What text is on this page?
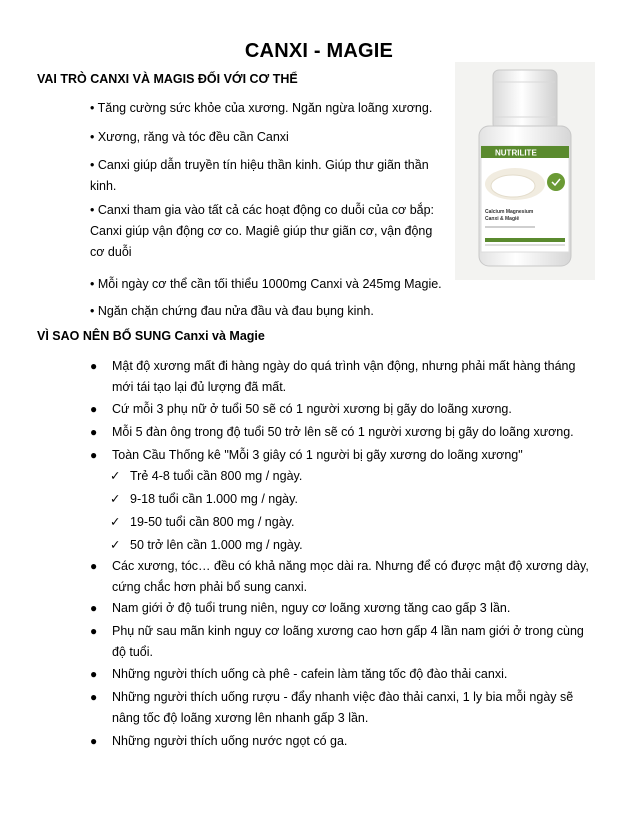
CANXI - MAGIE
VAI TRÒ CANXI VÀ MAGIS ĐỐI VỚI CƠ THỂ
• Tăng cường sức khỏe của xương. Ngăn ngừa loãng xương.
• Xương, răng và tóc đều cần Canxi
• Canxi giúp dẫn truyền tín hiệu thần kinh. Giúp thư giãn thần kinh.
• Canxi tham gia vào tất cả các hoạt động co duỗi của cơ bắp: Canxi giúp vận động cơ co. Magiê giúp thư giãn cơ, vận động cơ duỗi
• Mỗi ngày cơ thể cần tối thiểu 1000mg Canxi và 245mg Magie.
• Ngăn chặn chứng đau nửa đầu và đau bụng kinh.
NUTRILITE
Calcium Magnesium
Canxi & Magiê
VÌ SAO NÊN BỔ SUNG Canxi và Magie
● Mật độ xương mất đi hàng ngày do quá trình vận động, nhưng phải mất hàng tháng mới tái tạo lại đủ lượng đã mất.
● Cứ mỗi 3 phụ nữ ở tuổi 50 sẽ có 1 người xương bị gãy do loãng xương.
● Mỗi 5 đàn ông trong độ tuổi 50 trở lên sẽ có 1 người xương bị gãy do loãng xương.
● Toàn Cầu Thống kê "Mỗi 3 giây có 1 người bị gãy xương do loãng xương"
✓ Trẻ 4-8 tuổi cần 800 mg / ngày.
✓ 9-18 tuổi cần 1.000 mg / ngày.
✓ 19-50 tuổi cần 800 mg / ngày.
✓ 50 trở lên cần 1.000 mg / ngày.
● Các xương, tóc… đều có khả năng mọc dài ra. Nhưng để có được mật độ xương dày, cứng chắc hơn phải bổ sung canxi.
● Nam giới ở độ tuổi trung niên, nguy cơ loãng xương tăng cao gấp 3 lần.
● Phụ nữ sau mãn kinh nguy cơ loãng xương cao hơn gấp 4 lần nam giới ở trong cùng độ tuổi.
● Những người thích uống cà phê - cafein làm tăng tốc độ đào thải canxi.
● Những người thích uống rượu - đẩy nhanh việc đào thải canxi, 1 ly bia mỗi ngày sẽ nâng tốc độ loãng xương lên nhanh gấp 3 lần.
● Những người thích uống nước ngọt có ga.
